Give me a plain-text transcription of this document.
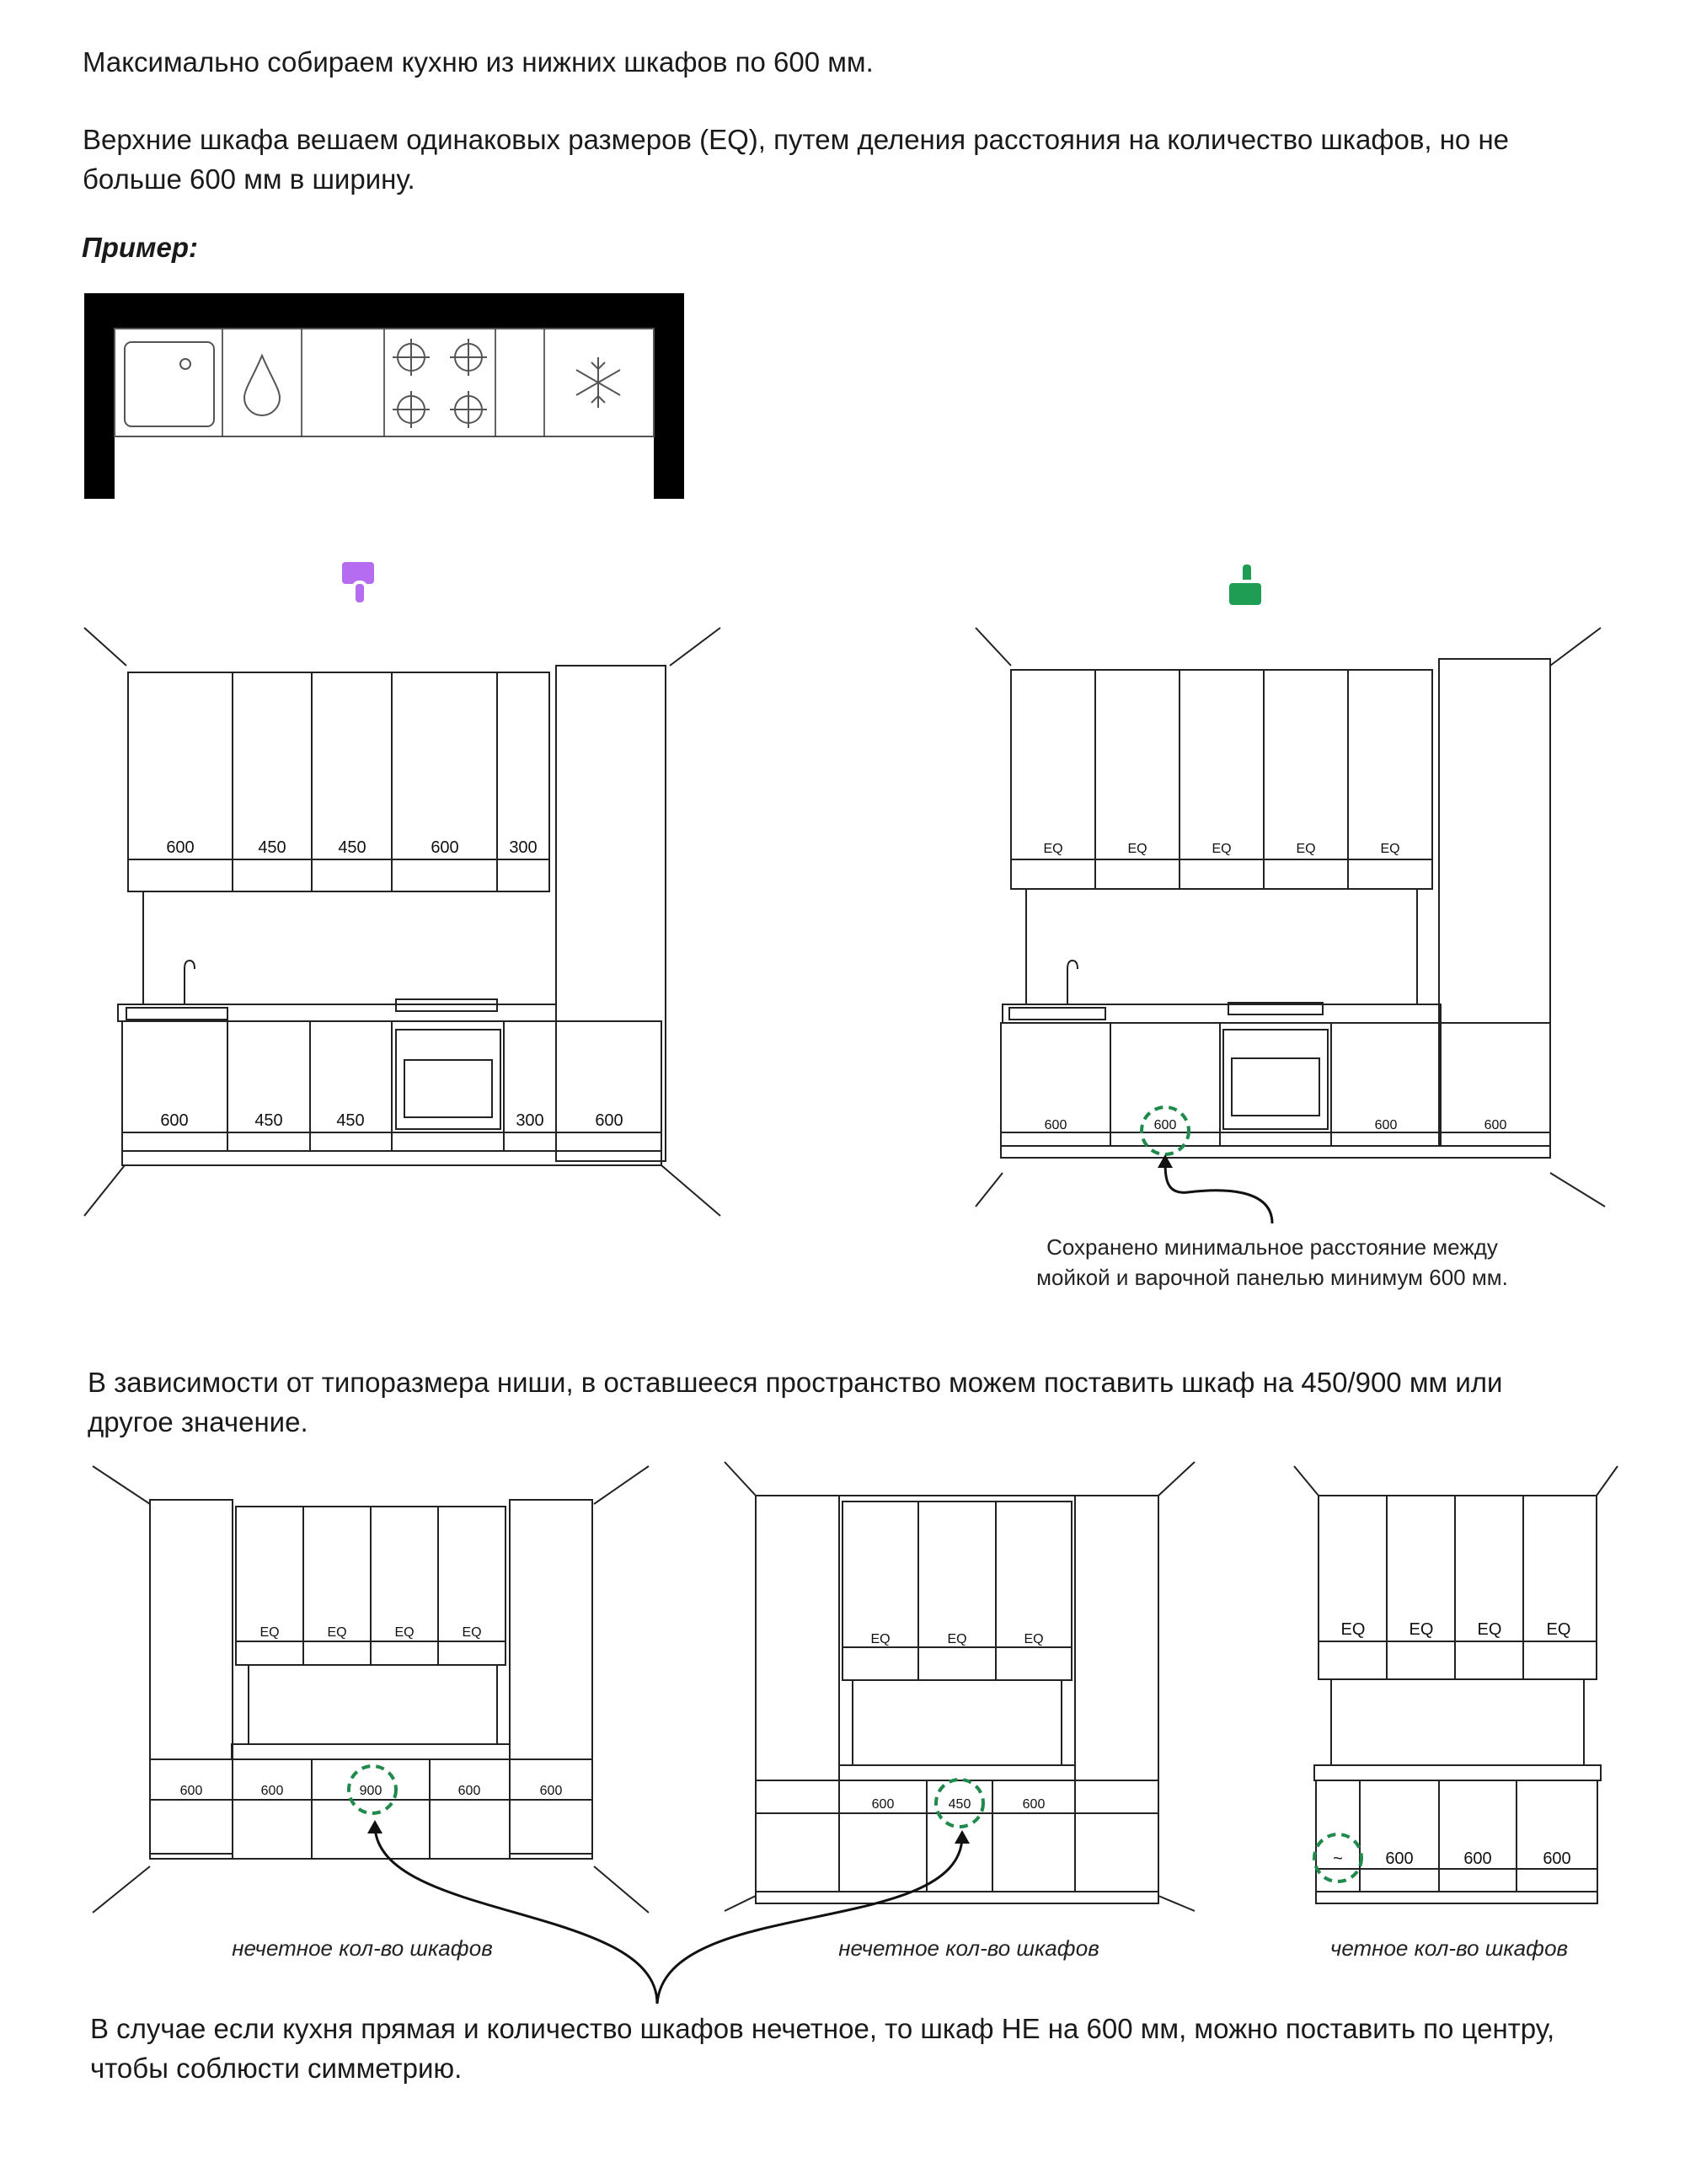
Максимально собираем кухню из нижних шкафов по 600 мм.
Верхние шкафа вешаем одинаковых размеров (EQ), путем деления расстояния на количество шкафов, но не
больше 600 мм в ширину.
Пример:
600	450	450	600	300
600	450	450	300	600
EQ	EQ	EQ	EQ	EQ
600	600	600	600
Сохранено минимальное расстояние между
мойкой и варочной панелью минимум 600 мм.
В зависимости от типоразмера ниши, в оставшееся пространство можем поставить шкаф на 450/900 мм или
другое значение.
EQ	EQ	EQ	EQ
600	600	900	600	600
нечетное кол-во шкафов
EQ	EQ	EQ
600	450	600
нечетное кол-во шкафов
EQ	EQ	EQ	EQ
~	600	600	600
четное кол-во шкафов
В случае если кухня прямая и количество шкафов нечетное, то шкаф НЕ на 600 мм, можно поставить по центру,
чтобы соблюсти симметрию.
